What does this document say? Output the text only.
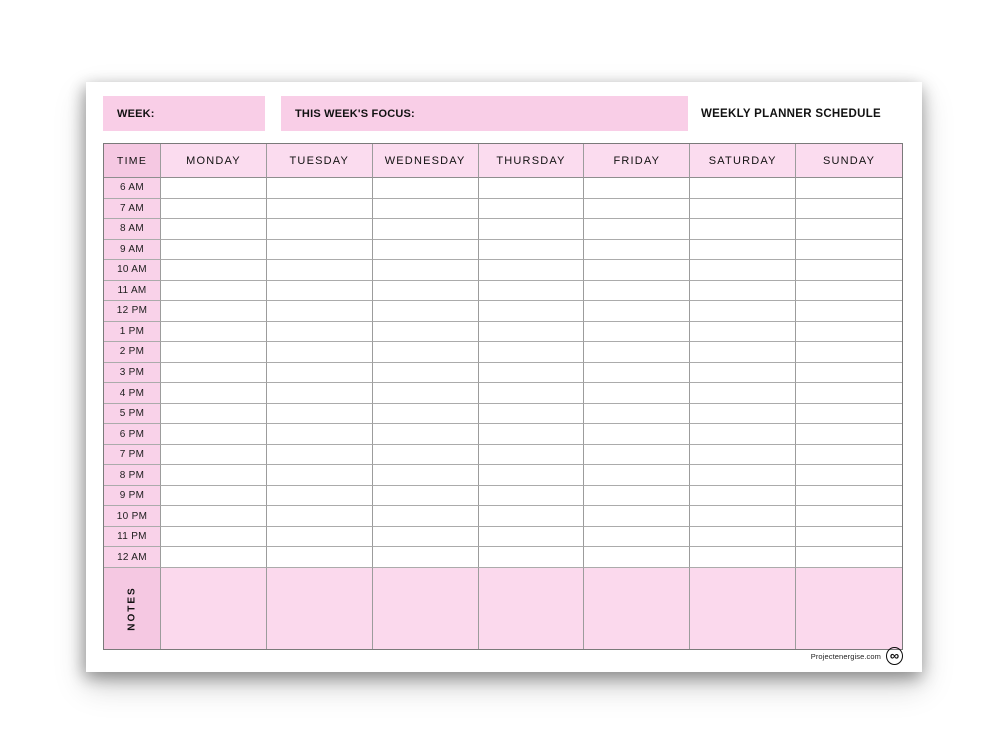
WEEK:	THIS WEEK'S FOCUS:	WEEKLY PLANNER SCHEDULE
TIME	MONDAY	TUESDAY	WEDNESDAY	THURSDAY	FRIDAY	SATURDAY	SUNDAY
6 AM
7 AM
8 AM
9 AM
10 AM
11 AM
12 PM
1 PM
2 PM
3 PM
4 PM
5 PM
6 PM
7 PM
8 PM
9 PM
10 PM
11 PM
12 AM
NOTES
Projectenergise.com ∞
